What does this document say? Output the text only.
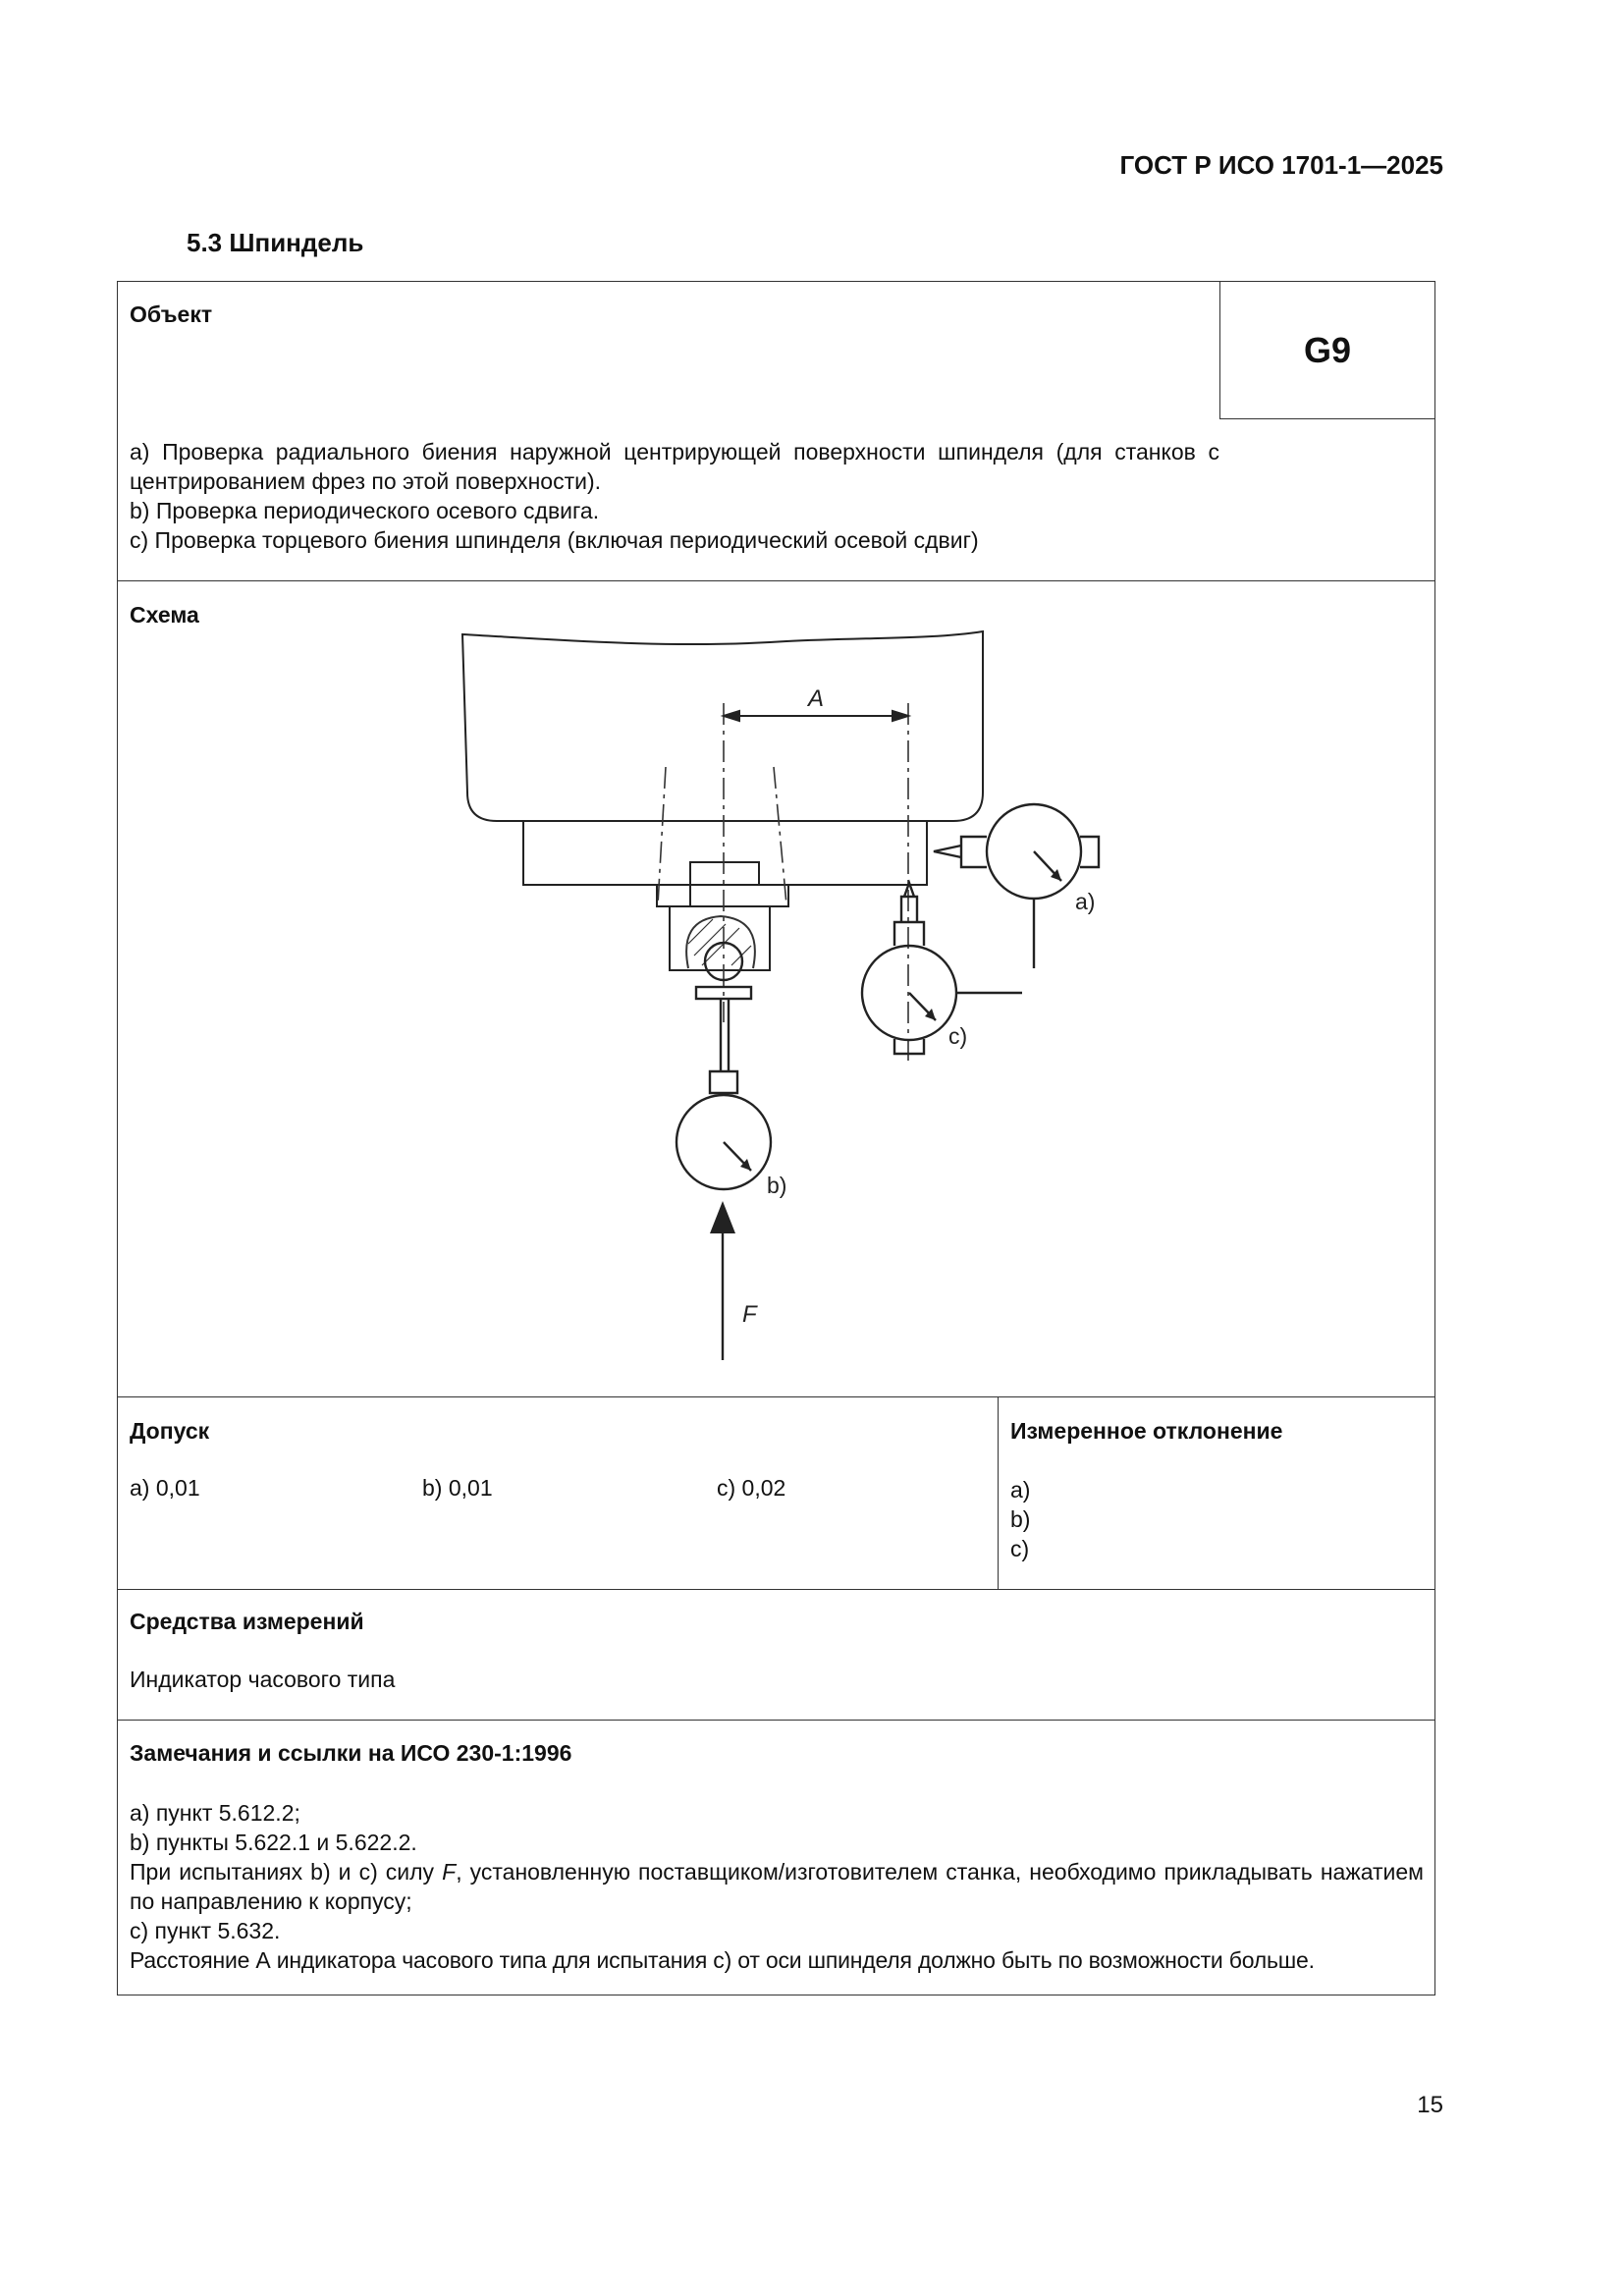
ГОСТ Р ИСО 1701-1—2025
5.3 Шпиндель
Объект
G9
a) Проверка радиального биения наружной центрирующей поверхности шпинделя (для станков с центрированием фрез по этой поверхности).
b) Проверка периодического осевого сдвига.
c) Проверка торцевого биения шпинделя (включая периодический осевой сдвиг)
Схема
A
a)
c)
b)
F
Допуск
a) 0,01	b) 0,01	c) 0,02
Измеренное отклонение
a)
b)
c)
Средства измерений
Индикатор часового типа
Замечания и ссылки на ИСО 230-1:1996
a) пункт 5.612.2;
b) пункты 5.622.1 и 5.622.2.
При испытаниях b) и c) силу F, установленную поставщиком/изготовителем станка, необходимо прикладывать нажатием по направлению к корпусу;
c) пункт 5.632.
Расстояние А индикатора часового типа для испытания c) от оси шпинделя должно быть по возможности больше.
15
